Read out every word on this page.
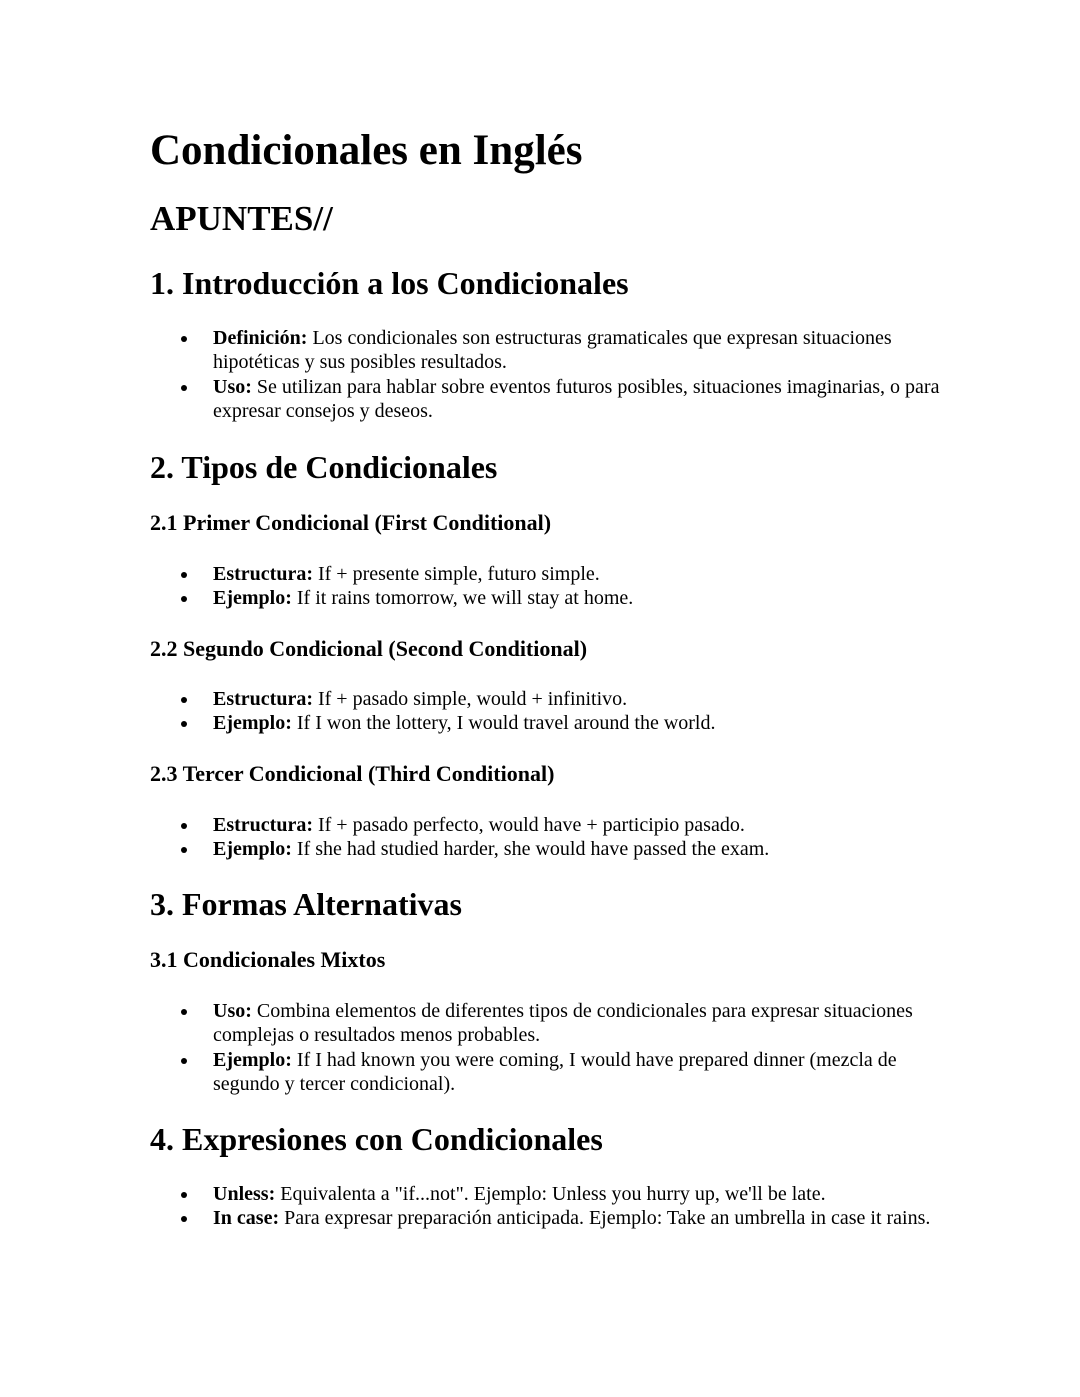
Condicionales en Inglés
APUNTES//
1. Introducción a los Condicionales
Definición: Los condicionales son estructuras gramaticales que expresan situaciones hipotéticas y sus posibles resultados.
Uso: Se utilizan para hablar sobre eventos futuros posibles, situaciones imaginarias, o para expresar consejos y deseos.
2. Tipos de Condicionales
2.1 Primer Condicional (First Conditional)
Estructura: If + presente simple, futuro simple.
Ejemplo: If it rains tomorrow, we will stay at home.
2.2 Segundo Condicional (Second Conditional)
Estructura: If + pasado simple, would + infinitivo.
Ejemplo: If I won the lottery, I would travel around the world.
2.3 Tercer Condicional (Third Conditional)
Estructura: If + pasado perfecto, would have + participio pasado.
Ejemplo: If she had studied harder, she would have passed the exam.
3. Formas Alternativas
3.1 Condicionales Mixtos
Uso: Combina elementos de diferentes tipos de condicionales para expresar situaciones complejas o resultados menos probables.
Ejemplo: If I had known you were coming, I would have prepared dinner (mezcla de segundo y tercer condicional).
4. Expresiones con Condicionales
Unless: Equivalenta a "if...not". Ejemplo: Unless you hurry up, we'll be late.
In case: Para expresar preparación anticipada. Ejemplo: Take an umbrella in case it rains.
